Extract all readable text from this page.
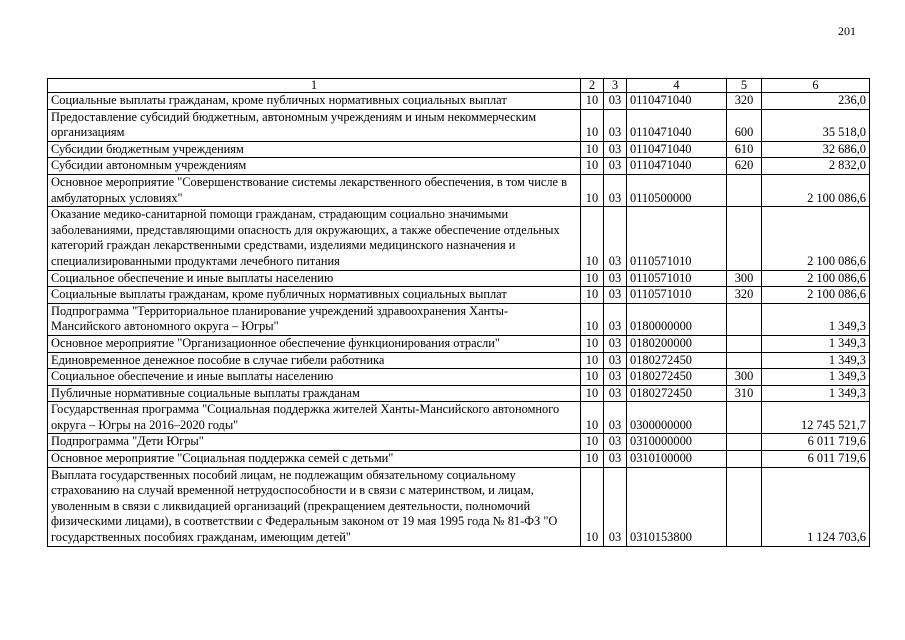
201
1	2	3	4	5	6
Социальные выплаты гражданам, кроме публичных нормативных социальных выплат	10	03	0110471040	320	236,0
Предоставление субсидий бюджетным, автономным учреждениям и иным некоммерческим организациям	10	03	0110471040	600	35 518,0
Субсидии бюджетным учреждениям	10	03	0110471040	610	32 686,0
Субсидии автономным учреждениям	10	03	0110471040	620	2 832,0
Основное мероприятие "Совершенствование системы лекарственного обеспечения, в том числе в амбулаторных условиях"	10	03	0110500000		2 100 086,6
Оказание медико-санитарной помощи гражданам, страдающим социально значимыми заболеваниями, представляющими опасность для окружающих, а также обеспечение отдельных категорий граждан лекарственными средствами, изделиями медицинского назначения и специализированными продуктами лечебного питания	10	03	0110571010		2 100 086,6
Социальное обеспечение и иные выплаты населению	10	03	0110571010	300	2 100 086,6
Социальные выплаты гражданам, кроме публичных нормативных социальных выплат	10	03	0110571010	320	2 100 086,6
Подпрограмма "Территориальное планирование учреждений здравоохранения Ханты-Мансийского автономного округа – Югры"	10	03	0180000000		1 349,3
Основное мероприятие "Организационное обеспечение функционирования отрасли"	10	03	0180200000		1 349,3
Единовременное денежное пособие в случае гибели работника	10	03	0180272450		1 349,3
Социальное обеспечение и иные выплаты населению	10	03	0180272450	300	1 349,3
Публичные нормативные социальные выплаты гражданам	10	03	0180272450	310	1 349,3
Государственная программа "Социальная поддержка жителей Ханты-Мансийского автономного округа – Югры на 2016–2020 годы"	10	03	0300000000		12 745 521,7
Подпрограмма "Дети Югры"	10	03	0310000000		6 011 719,6
Основное мероприятие "Социальная поддержка семей с детьми"	10	03	0310100000		6 011 719,6
Выплата государственных пособий лицам, не подлежащим обязательному социальному страхованию на случай временной нетрудоспособности и в связи с материнством, и лицам, уволенным в связи с ликвидацией организаций (прекращением деятельности, полномочий физическими лицами), в соответствии с Федеральным законом от 19 мая 1995 года № 81-ФЗ "О государственных пособиях гражданам, имеющим детей"	10	03	0310153800		1 124 703,6
